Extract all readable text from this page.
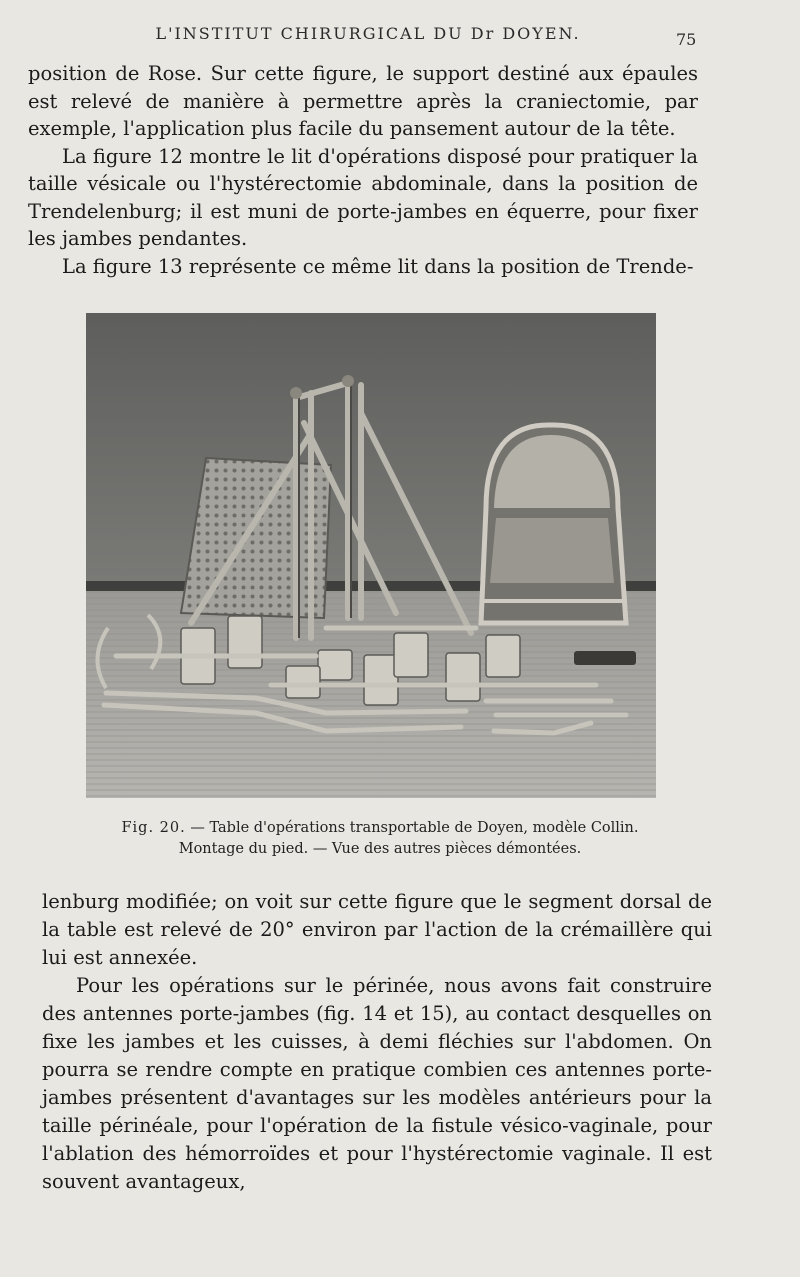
L'INSTITUT CHIRURGICAL DU Dr DOYEN.	75

position de Rose. Sur cette figure, le support destiné aux épaules est relevé de manière à permettre après la craniectomie, par exemple, l'application plus facile du pansement autour de la tête.

La figure 12 montre le lit d'opérations disposé pour pratiquer la taille vésicale ou l'hystérectomie abdominale, dans la position de Trendelenburg; il est muni de porte-jambes en équerre, pour fixer les jambes pendantes.

La figure 13 représente ce même lit dans la position de Trende-

Fig. 20. — Table d'opérations transportable de Doyen, modèle Collin.
Montage du pied. — Vue des autres pièces démontées.

lenburg modifiée; on voit sur cette figure que le segment dorsal de la table est relevé de 20° environ par l'action de la crémaillère qui lui est annexée.

Pour les opérations sur le périnée, nous avons fait construire des antennes porte-jambes (fig. 14 et 15), au contact desquelles on fixe les jambes et les cuisses, à demi fléchies sur l'abdomen. On pourra se rendre compte en pratique combien ces antennes porte-jambes présentent d'avantages sur les modèles antérieurs pour la taille périnéale, pour l'opération de la fistule vésico-vaginale, pour l'ablation des hémorroïdes et pour l'hystérectomie vaginale. Il est souvent avantageux,
